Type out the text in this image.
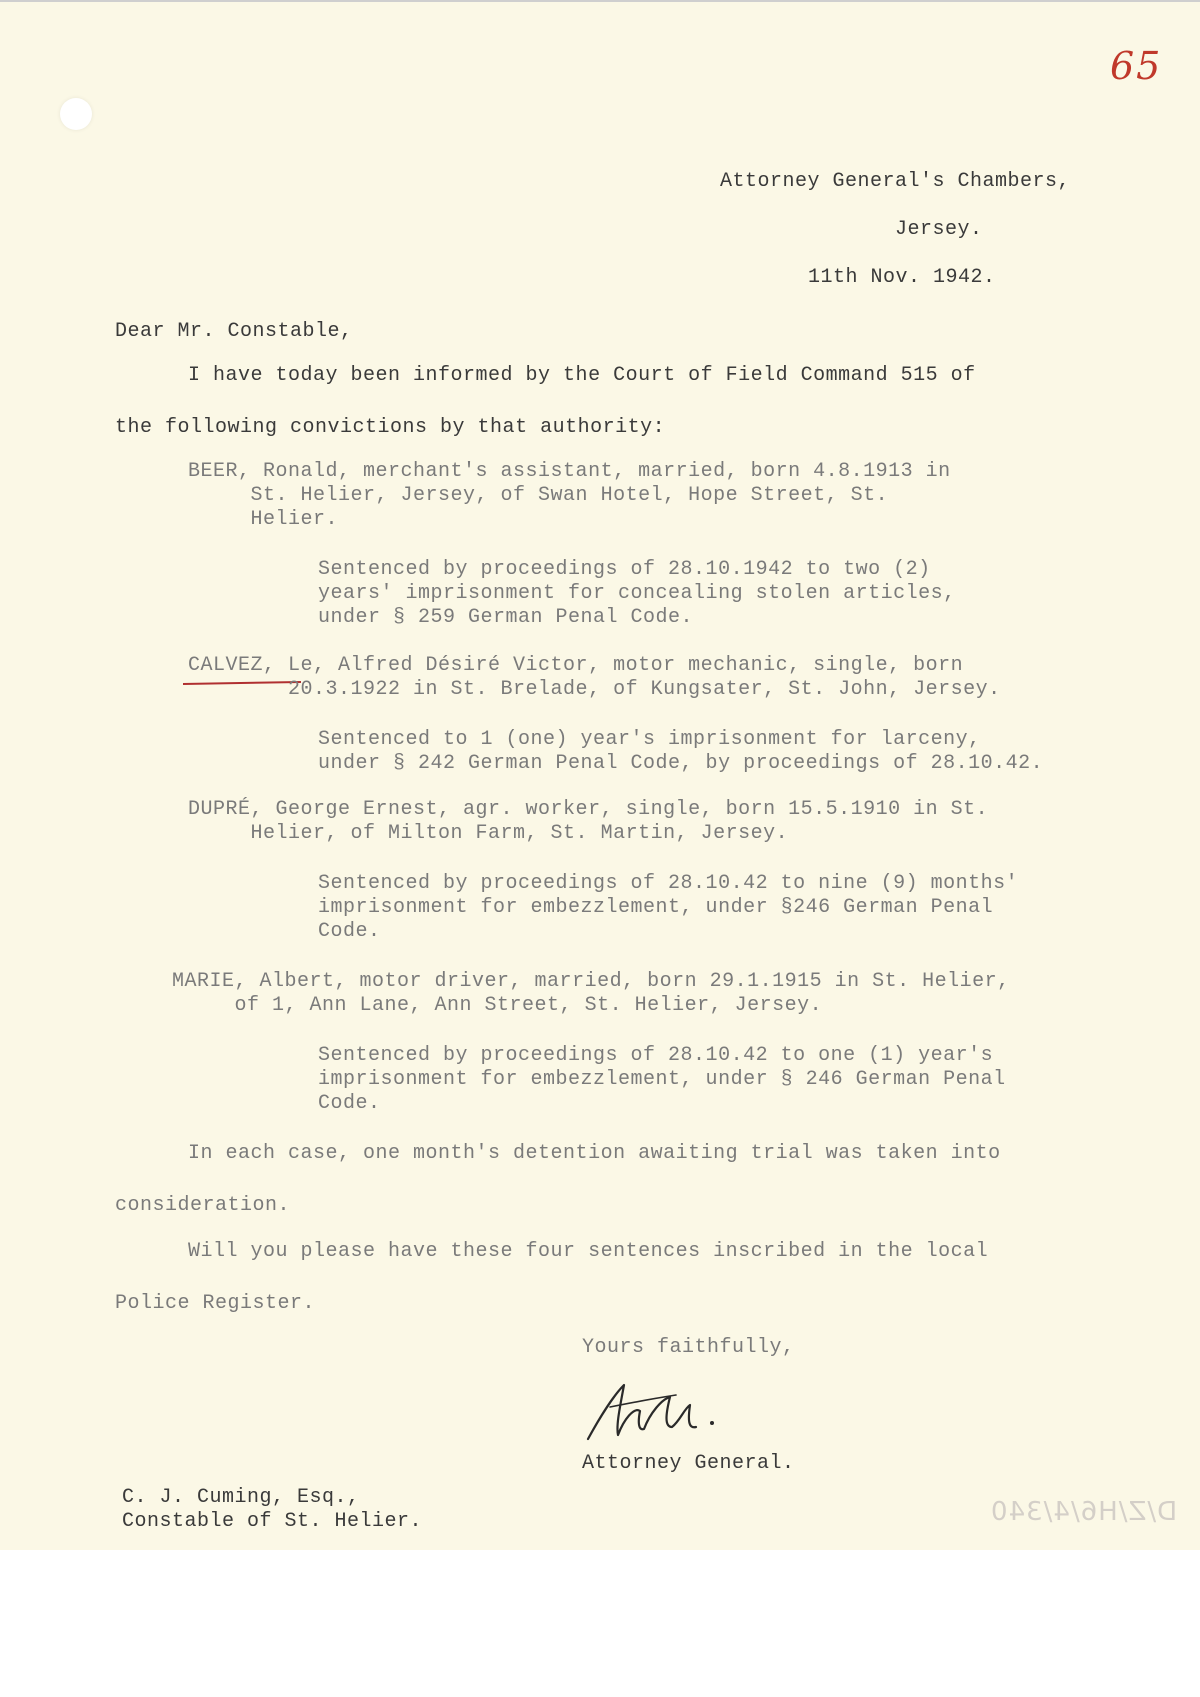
65
Attorney General's Chambers,
Jersey.
11th Nov. 1942.
Dear Mr. Constable,
I have today been informed by the Court of Field Command 515 of
the following convictions by that authority:
BEER, Ronald, merchant's assistant, married, born 4.8.1913 in
St. Helier, Jersey, of Swan Hotel, Hope Street, St.
Helier.
Sentenced by proceedings of 28.10.1942 to two (2)
years' imprisonment for concealing stolen articles,
under § 259 German Penal Code.
CALVEZ, Le, Alfred Désiré Victor, motor mechanic, single, born
20.3.1922 in St. Brelade, of Kungsater, St. John, Jersey.
Sentenced to 1 (one) year's imprisonment for larceny,
under § 242 German Penal Code, by proceedings of 28.10.42.
DUPRÉ, George Ernest, agr. worker, single, born 15.5.1910 in St.
Helier, of Milton Farm, St. Martin, Jersey.
Sentenced by proceedings of 28.10.42 to nine (9) months'
imprisonment for embezzlement, under §246 German Penal
Code.
MARIE, Albert, motor driver, married, born 29.1.1915 in St. Helier,
of 1, Ann Lane, Ann Street, St. Helier, Jersey.
Sentenced by proceedings of 28.10.42 to one (1) year's
imprisonment for embezzlement, under § 246 German Penal
Code.
In each case, one month's detention awaiting trial was taken into
consideration.
Will you please have these four sentences inscribed in the local
Police Register.
Yours faithfully,
Attorney General.
C. J. Cuming, Esq.,
Constable of St. Helier.	D/Z/H6/4/340
